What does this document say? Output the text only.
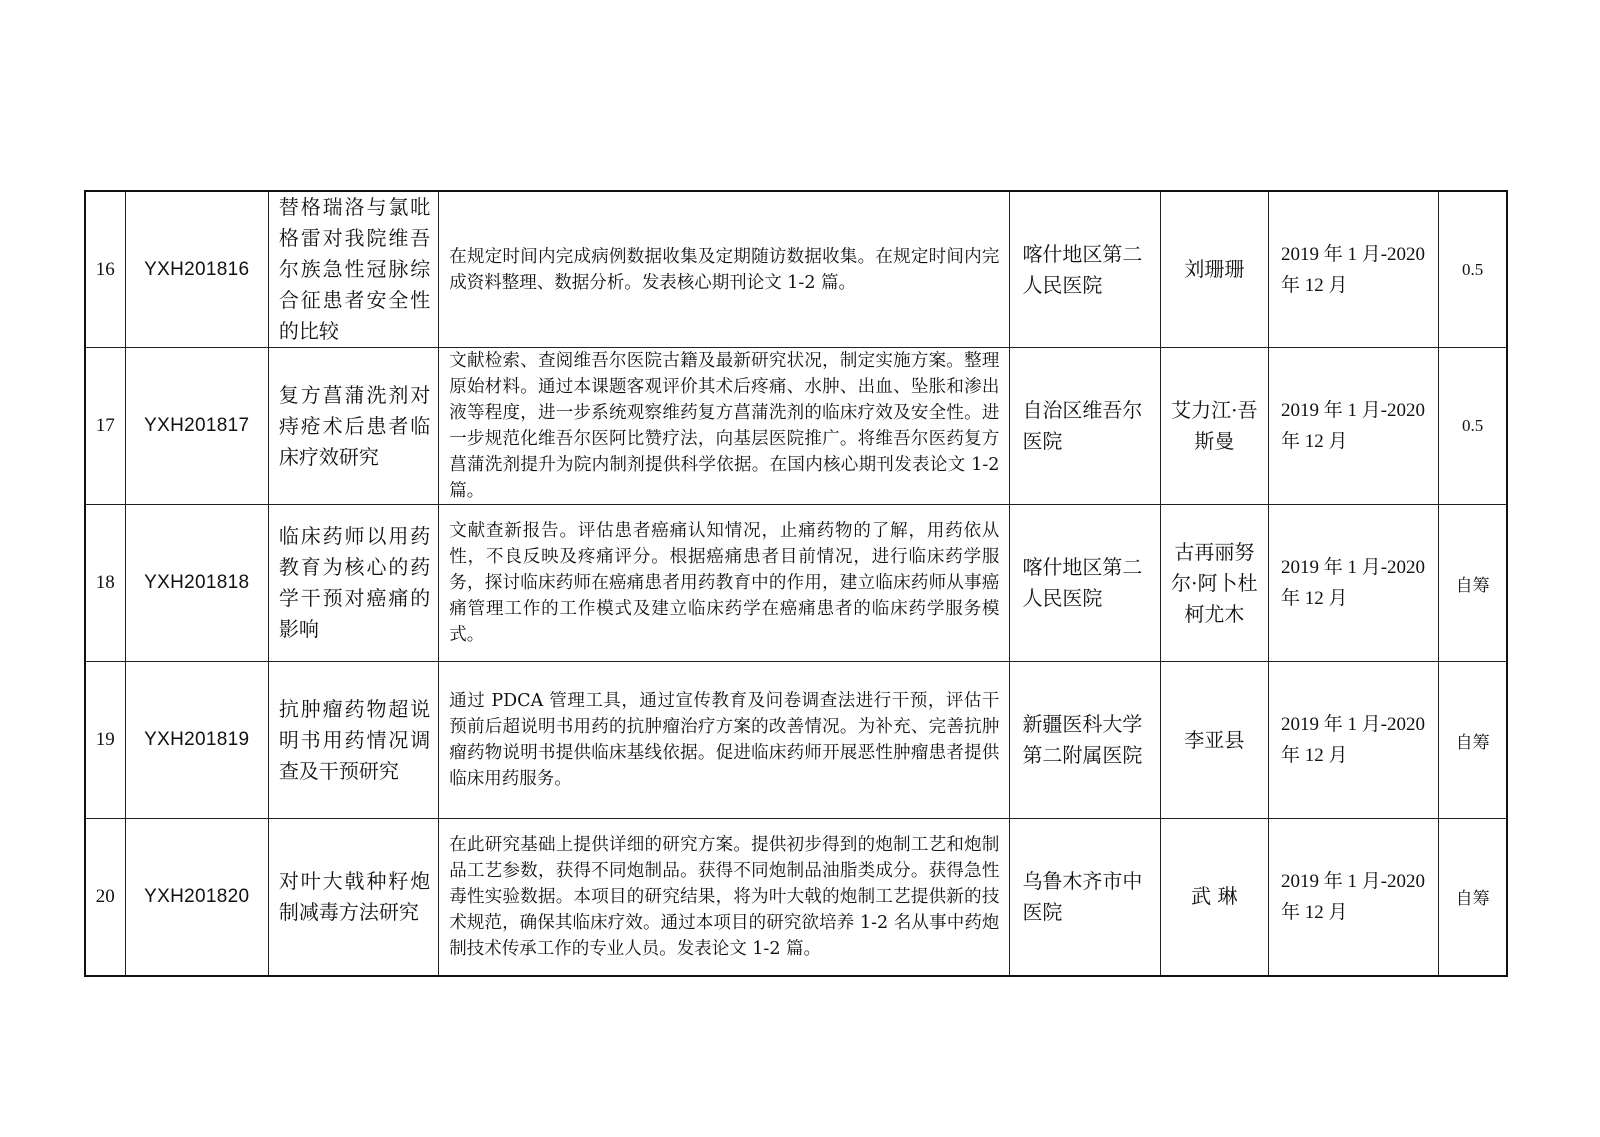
16	YXH201816	替格瑞洛与氯吡格雷对我院维吾尔族急性冠脉综合征患者安全性的比较	在规定时间内完成病例数据收集及定期随访数据收集。在规定时间内完成资料整理、数据分析。发表核心期刊论文 1-2 篇。	喀什地区第二人民医院	刘珊珊	2019 年 1 月-2020 年 12 月	0.5
17	YXH201817	复方菖蒲洗剂对痔疮术后患者临床疗效研究	文献检索、查阅维吾尔医院古籍及最新研究状况，制定实施方案。整理原始材料。通过本课题客观评价其术后疼痛、水肿、出血、坠胀和渗出液等程度，进一步系统观察维药复方菖蒲洗剂的临床疗效及安全性。进一步规范化维吾尔医阿比赞疗法，向基层医院推广。将维吾尔医药复方菖蒲洗剂提升为院内制剂提供科学依据。在国内核心期刊发表论文 1-2 篇。	自治区维吾尔医院	艾力江·吾斯曼	2019 年 1 月-2020 年 12 月	0.5
18	YXH201818	临床药师以用药教育为核心的药学干预对癌痛的影响	文献查新报告。评估患者癌痛认知情况，止痛药物的了解，用药依从性，不良反映及疼痛评分。根据癌痛患者目前情况，进行临床药学服务，探讨临床药师在癌痛患者用药教育中的作用，建立临床药师从事癌痛管理工作的工作模式及建立临床药学在癌痛患者的临床药学服务模式。	喀什地区第二人民医院	古再丽努尔·阿卜杜柯尤木	2019 年 1 月-2020 年 12 月	自筹
19	YXH201819	抗肿瘤药物超说明书用药情况调查及干预研究	通过 PDCA 管理工具，通过宣传教育及问卷调查法进行干预，评估干预前后超说明书用药的抗肿瘤治疗方案的改善情况。为补充、完善抗肿瘤药物说明书提供临床基线依据。促进临床药师开展恶性肿瘤患者提供临床用药服务。	新疆医科大学第二附属医院	李亚县	2019 年 1 月-2020 年 12 月	自筹
20	YXH201820	对叶大戟种籽炮制减毒方法研究	在此研究基础上提供详细的研究方案。提供初步得到的炮制工艺和炮制品工艺参数，获得不同炮制品。获得不同炮制品油脂类成分。获得急性毒性实验数据。本项目的研究结果，将为叶大戟的炮制工艺提供新的技术规范，确保其临床疗效。通过本项目的研究欲培养 1-2 名从事中药炮制技术传承工作的专业人员。发表论文 1-2 篇。	乌鲁木齐市中医院	武 琳	2019 年 1 月-2020 年 12 月	自筹
